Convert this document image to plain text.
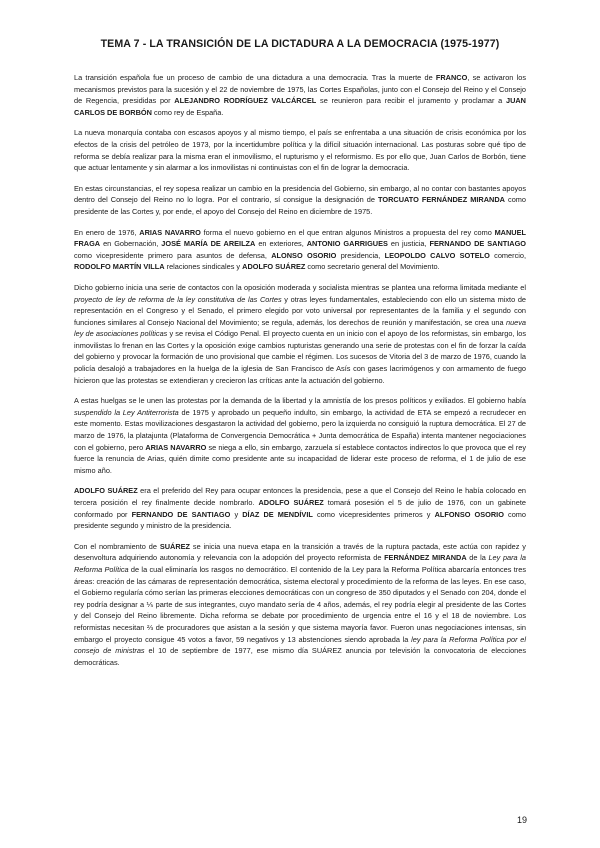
TEMA 7 - LA TRANSICIÓN DE LA DICTADURA A LA DEMOCRACIA (1975-1977)

La transición española fue un proceso de cambio de una dictadura a una democracia. Tras la muerte de FRANCO, se activaron los mecanismos previstos para la sucesión y el 22 de noviembre de 1975, las Cortes Españolas, junto con el Consejo del Reino y el Consejo de Regencia, presididas por ALEJANDRO RODRÍGUEZ VALCÁRCEL se reunieron para recibir el juramento y proclamar a JUAN CARLOS DE BORBÓN como rey de España.

La nueva monarquía contaba con escasos apoyos y al mismo tiempo, el país se enfrentaba a una situación de crisis económica por los efectos de la crisis del petróleo de 1973, por la incertidumbre política y la difícil situación internacional. Las posturas sobre qué tipo de reforma se debía realizar para la misma eran el inmovilismo, el rupturismo y el reformismo. Es por ello que, Juan Carlos de Borbón, tiene que actuar lentamente y sin alarmar a los inmovilistas ni continuistas con el fin de lograr la democracia.

En estas circunstancias, el rey sopesa realizar un cambio en la presidencia del Gobierno, sin embargo, al no contar con bastantes apoyos dentro del Consejo del Reino no lo logra. Por el contrario, sí consigue la designación de TORCUATO FERNÁNDEZ MIRANDA como presidente de las Cortes y, por ende, el apoyo del Consejo del Reino en diciembre de 1975.

En enero de 1976, ARIAS NAVARRO forma el nuevo gobierno en el que entran algunos Ministros a propuesta del rey como MANUEL FRAGA en Gobernación, JOSÉ MARÍA DE AREILZA en exteriores, ANTONIO GARRIGUES en justicia, FERNANDO DE SANTIAGO como vicepresidente primero para asuntos de defensa, ALONSO OSORIO presidencia, LEOPOLDO CALVO SOTELO comercio, RODOLFO MARTÍN VILLA relaciones sindicales y ADOLFO SUÁREZ como secretario general del Movimiento.

Dicho gobierno inicia una serie de contactos con la oposición moderada y socialista mientras se plantea una reforma limitada mediante el proyecto de ley de reforma de la ley constitutiva de las Cortes y otras leyes fundamentales, estableciendo con ello un sistema mixto de representación en el Congreso y el Senado, el primero elegido por voto universal por representantes de la familia y el segundo con funciones similares al Consejo Nacional del Movimiento; se regula, además, los derechos de reunión y manifestación, se crea una nueva ley de asociaciones políticas y se revisa el Código Penal. El proyecto cuenta en un inicio con el apoyo de los reformistas, sin embargo, los inmovilistas lo frenan en las Cortes y la oposición exige cambios rupturistas generando una serie de protestas con el fin de forzar la caída del gobierno y provocar la formación de uno provisional que cambie el régimen. Los sucesos de Vitoria del 3 de marzo de 1976, cuando la policía desalojó a trabajadores en la huelga de la iglesia de San Francisco de Asís con gases lacrimógenos y con armamento de fuego hicieron que las protestas se extendieran y crecieron las críticas ante la actuación del gobierno.

A estas huelgas se le unen las protestas por la demanda de la libertad y la amnistía de los presos políticos y exiliados. El gobierno había suspendido la Ley Antiterrorista de 1975 y aprobado un pequeño indulto, sin embargo, la actividad de ETA se empezó a recrudecer en este momento. Estas movilizaciones desgastaron la actividad del gobierno, pero la izquierda no consiguió la ruptura democrática. El 27 de marzo de 1976, la platajunta (Plataforma de Convergencia Democrática + Junta democrática de España) intenta mantener negociaciones con el gobierno, pero ARIAS NAVARRO se niega a ello, sin embargo, zarzuela sí establece contactos indirectos lo que provoca que el rey fuerce la renuncia de Arias, quién dimite como presidente ante su incapacidad de liderar este proceso de reforma, el 1 de julio de ese mismo año.

ADOLFO SUÁREZ era el preferido del Rey para ocupar entonces la presidencia, pese a que el Consejo del Reino le había colocado en tercera posición el rey finalmente decide nombrarlo. ADOLFO SUÁREZ tomará posesión el 5 de julio de 1976, con un gabinete conformado por FERNANDO DE SANTIAGO y DÍAZ DE MENDÍVIL como vicepresidentes primeros y ALFONSO OSORIO como presidente segundo y ministro de la presidencia.

Con el nombramiento de SUÁREZ se inicia una nueva etapa en la transición a través de la ruptura pactada, este actúa con rapidez y desenvoltura adquiriendo autonomía y relevancia con la adopción del proyecto reformista de FERNÁNDEZ MIRANDA de la Ley para la Reforma Política de la cual eliminaría los rasgos no democrático. El contenido de la Ley para la Reforma Política abarcaría entonces tres áreas: creación de las cámaras de representación democrática, sistema electoral y procedimiento de la reforma de las leyes. En ese caso, el Gobierno regularía cómo serían las primeras elecciones democráticas con un congreso de 350 diputados y el Senado con 204, donde el rey podría designar a ⅕ parte de sus integrantes, cuyo mandato sería de 4 años, además, el rey podría elegir al presidente de las Cortes y del Consejo del Reino libremente. Dicha reforma se debate por procedimiento de urgencia entre el 16 y el 18 de noviembre. Los reformistas necesitan ⅔ de procuradores que asistan a la sesión y que sistema mayoría favor. Fueron unas negociaciones intensas, sin embargo el proyecto consigue 45 votos a favor, 59 negativos y 13 abstenciones siendo aprobada la ley para la Reforma Política por el consejo de ministras el 10 de septiembre de 1977, ese mismo día SUÁREZ anuncia por televisión la convocatoria de elecciones democráticas.

19
